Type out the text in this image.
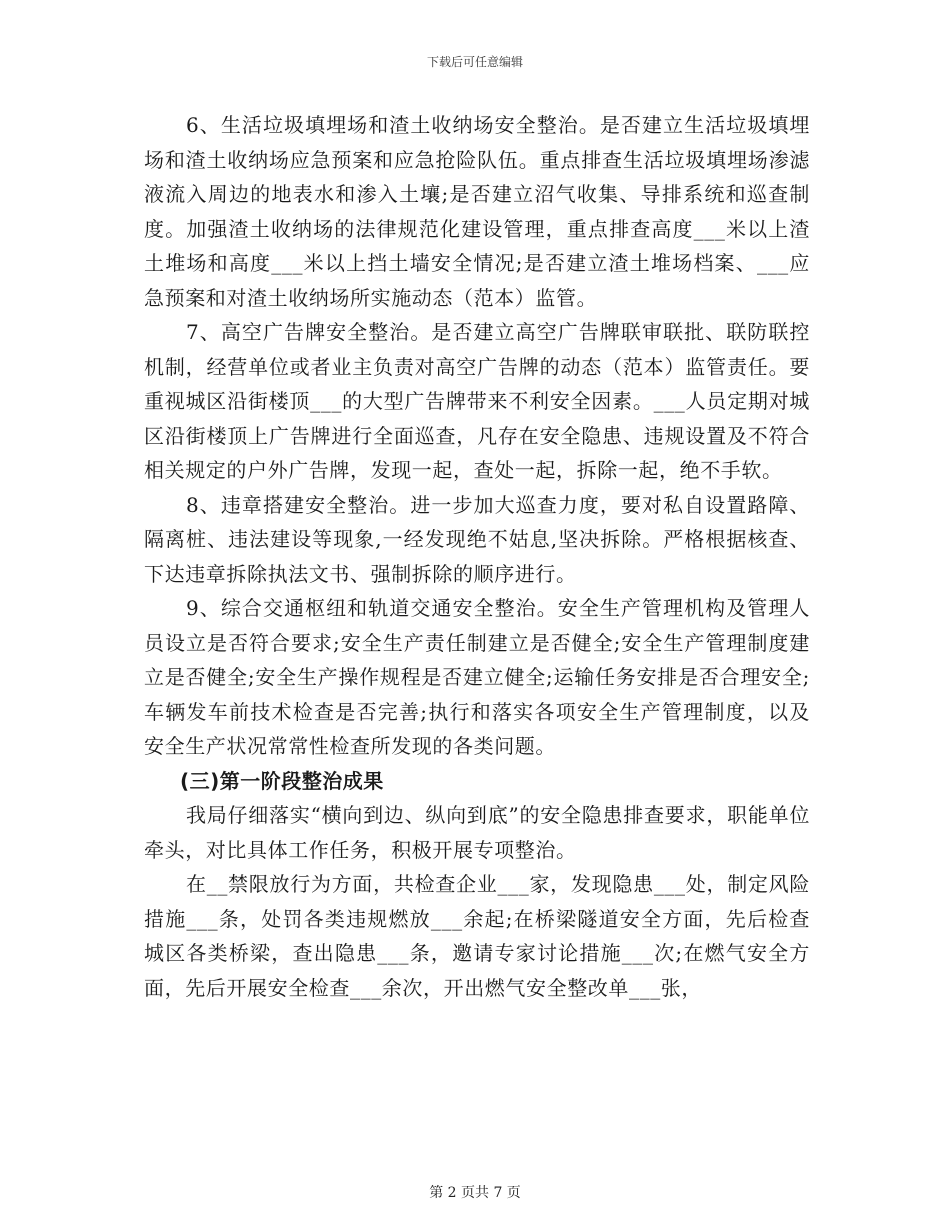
下载后可任意编辑

6、生活垃圾填埋场和渣土收纳场安全整治。是否建立生活垃圾填埋场和渣土收纳场应急预案和应急抢险队伍。重点排查生活垃圾填埋场渗滤液流入周边的地表水和渗入土壤;是否建立沼气收集、导排系统和巡查制度。加强渣土收纳场的法律规范化建设管理，重点排查高度___米以上渣土堆场和高度___米以上挡土墙安全情况;是否建立渣土堆场档案、___应急预案和对渣土收纳场所实施动态（范本）监管。

7、高空广告牌安全整治。是否建立高空广告牌联审联批、联防联控机制，经营单位或者业主负责对高空广告牌的动态（范本）监管责任。要重视城区沿街楼顶___的大型广告牌带来不利安全因素。___人员定期对城区沿街楼顶上广告牌进行全面巡查，凡存在安全隐患、违规设置及不符合相关规定的户外广告牌，发现一起，查处一起，拆除一起，绝不手软。

8、违章搭建安全整治。进一步加大巡查力度，要对私自设置路障、隔离桩、违法建设等现象,一经发现绝不姑息,坚决拆除。严格根据核查、下达违章拆除执法文书、强制拆除的顺序进行。

9、综合交通枢纽和轨道交通安全整治。安全生产管理机构及管理人员设立是否符合要求;安全生产责任制建立是否健全;安全生产管理制度建立是否健全;安全生产操作规程是否建立健全;运输任务安排是否合理安全;车辆发车前技术检查是否完善;执行和落实各项安全生产管理制度，以及安全生产状况常常性检查所发现的各类问题。

(三)第一阶段整治成果

我局仔细落实“横向到边、纵向到底”的安全隐患排查要求，职能单位牵头，对比具体工作任务，积极开展专项整治。

在__禁限放行为方面，共检查企业___家，发现隐患___处，制定风险措施___条，处罚各类违规燃放___余起;在桥梁隧道安全方面，先后检查城区各类桥梁，查出隐患___条，邀请专家讨论措施___次;在燃气安全方面，先后开展安全检查___余次，开出燃气安全整改单___张，

第 2 页共 7 页
